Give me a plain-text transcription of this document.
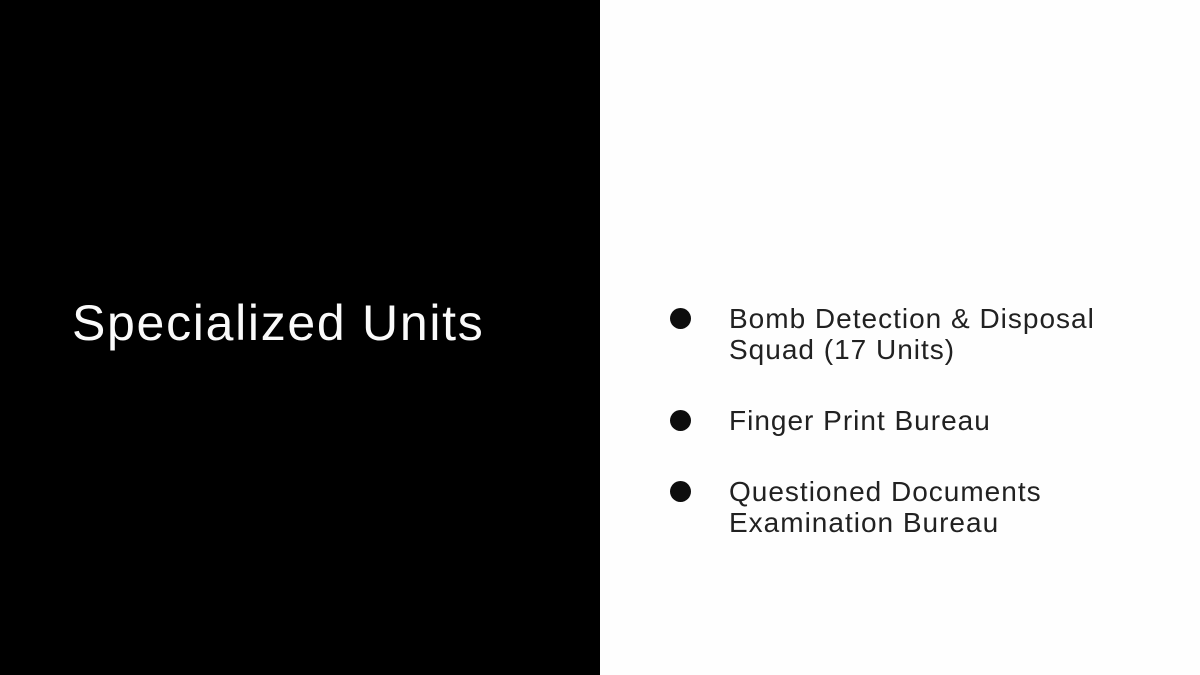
Specialized Units	Bomb Detection & Disposal Squad (17 Units)
Finger Print Bureau
Questioned Documents Examination Bureau
